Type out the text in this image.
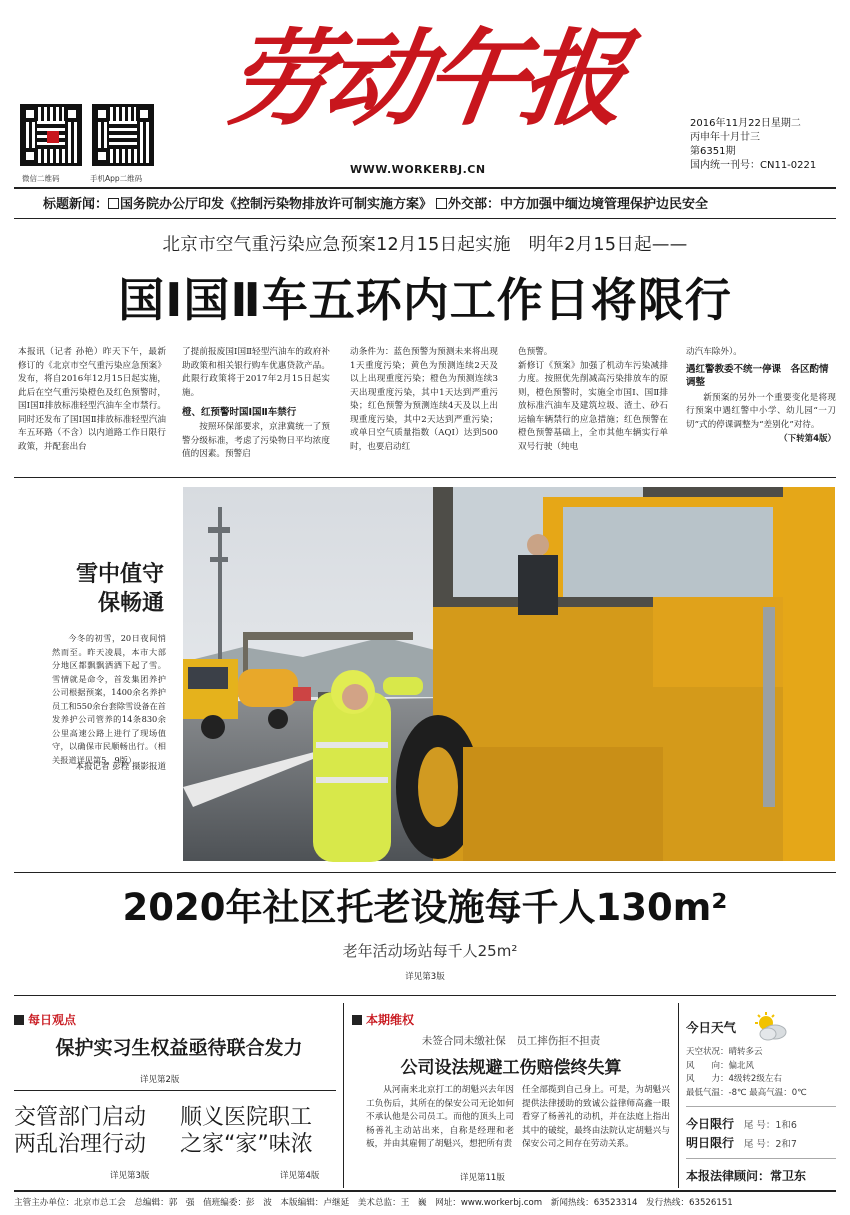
微信二维码	手机App二维码
劳动午报
WWW.WORKERBJ.CN
2016年11月22日星期二
丙申年十月廿三
第6351期
国内统一刊号：CN11-0221
标题新闻： 国务院办公厅印发《控制污染物排放许可制实施方案》 外交部：中方加强中缅边境管理保护边民安全
北京市空气重污染应急预案12月15日起实施　明年2月15日起——
国Ⅰ国Ⅱ车五环内工作日将限行
本报讯（记者 孙艳）昨天下午，最新修订的《北京市空气重污染应急预案》发布，将自2016年12月15日起实施，此后在空气重污染橙色及红色预警时，国Ⅰ国Ⅱ排放标准轻型汽油车全市禁行。同时还发布了国Ⅰ国Ⅱ排放标准轻型汽油车五环路（不含）以内道路工作日限行政策，并配套出台
了提前报废国Ⅰ国Ⅱ轻型汽油车的政府补助政策和相关银行购车优惠贷款产品。此限行政策将于2017年2月15日起实施。
橙、红预警时国Ⅰ国Ⅱ车禁行
按照环保部要求，京津冀统一了预警分级标准，考虑了污染物日平均浓度值的因素。预警启
动条件为：蓝色预警为预测未来将出现1天重度污染；黄色为预测连续2天及以上出现重度污染；橙色为预测连续3天出现重度污染，其中1天达到严重污染；红色预警为预测连续4天及以上出现重度污染，其中2天达到严重污染；或单日空气质量指数（AQI）达到500时，也要启动红
色预警。
新修订《预案》加强了机动车污染减排力度。按照优先削减高污染排放车的原则，橙色预警时，实施全市国Ⅰ、国Ⅱ排放标准汽油车及建筑垃圾、渣土、砂石运输车辆禁行的应急措施；红色预警在橙色预警基础上，全市其他车辆实行单双号行驶（纯电
动汽车除外）。
遇红警教委不统一停课　各区酌情调整
新预案的另外一个重要变化是将现行预案中遇红警中小学、幼儿园“一刀切”式的停课调整为“差别化”对待。
（下转第4版）
雪中值守
保畅通
今冬的初雪，20日夜间悄然而至。昨天凌晨，本市大部分地区都飘飘洒洒下起了雪。雪情就是命令，首发集团养护公司根据预案，1400余名养护员工和550余台套除雪设备在首发养护公司管养的14条830余公里高速公路上进行了现场值守，以确保市民顺畅出行。（相关报道详见第5、9版）
本报记者 彭程 摄影报道
2020年社区托老设施每千人130m²
老年活动场站每千人25m²
详见第3版
每日观点
保护实习生权益亟待联合发力
详见第2版
交管部门启动
两乱治理行动
详见第3版
顺义医院职工
之家“家”味浓
详见第4版
本期维权
未签合同未缴社保　员工摔伤拒不担责
公司设法规避工伤赔偿终失算
从河南来北京打工的胡魁兴去年因工负伤后，其所在的保安公司无论如何不承认他是公司员工。而他的顶头上司杨善礼主动站出来，自称是经理和老板，并由其雇佣了胡魁兴，想把所有责
任全部揽到自己身上。可是，为胡魁兴提供法律援助的致诚公益律师高鑫一眼看穿了杨善礼的动机，并在法庭上指出其中的破绽，最终由法院认定胡魁兴与保安公司之间存在劳动关系。
详见第11版
今日天气
天空状况：晴转多云
风　　向：偏北风
风　　力：4级转2级左右
最低气温：-8℃ 最高气温：0℃
今日限行 尾 号：1和6
明日限行 尾 号：2和7
本报法律顾问：常卫东
主管主办单位：北京市总工会　总编辑：郭　强　值班编委：彭　波　本版编辑：卢继延　美术总监：王　巍　网址：www.workerbj.com　新闻热线：63523314　发行热线：63526151
